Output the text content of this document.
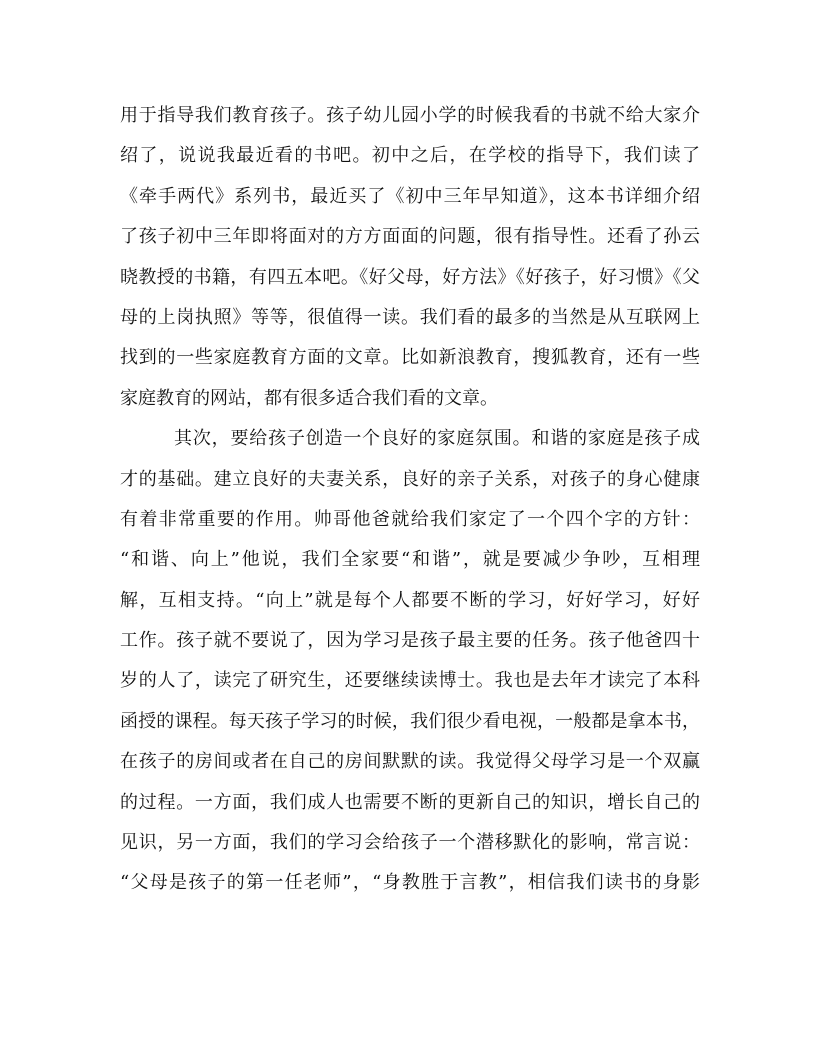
用于指导我们教育孩子。孩子幼儿园小学的时候我看的书就不给大家介
绍了，说说我最近看的书吧。初中之后，在学校的指导下，我们读了
《牵手两代》系列书，最近买了《初中三年早知道》，这本书详细介绍
了孩子初中三年即将面对的方方面面的问题，很有指导性。还看了孙云
晓教授的书籍，有四五本吧。《好父母，好方法》《好孩子，好习惯》《父
母的上岗执照》等等，很值得一读。我们看的最多的当然是从互联网上
找到的一些家庭教育方面的文章。比如新浪教育，搜狐教育，还有一些
家庭教育的网站，都有很多适合我们看的文章。
其次，要给孩子创造一个良好的家庭氛围。和谐的家庭是孩子成
才的基础。建立良好的夫妻关系，良好的亲子关系，对孩子的身心健康
有着非常重要的作用。帅哥他爸就给我们家定了一个四个字的方针：
“和谐、向上”他说，我们全家要“和谐”，就是要减少争吵，互相理
解，互相支持。“向上”就是每个人都要不断的学习，好好学习，好好
工作。孩子就不要说了，因为学习是孩子最主要的任务。孩子他爸四十
岁的人了，读完了研究生，还要继续读博士。我也是去年才读完了本科
函授的课程。每天孩子学习的时候，我们很少看电视，一般都是拿本书，
在孩子的房间或者在自己的房间默默的读。我觉得父母学习是一个双赢
的过程。一方面，我们成人也需要不断的更新自己的知识，增长自己的
见识，另一方面，我们的学习会给孩子一个潜移默化的影响，常言说：
“父母是孩子的第一任老师”，“身教胜于言教”，相信我们读书的身影
